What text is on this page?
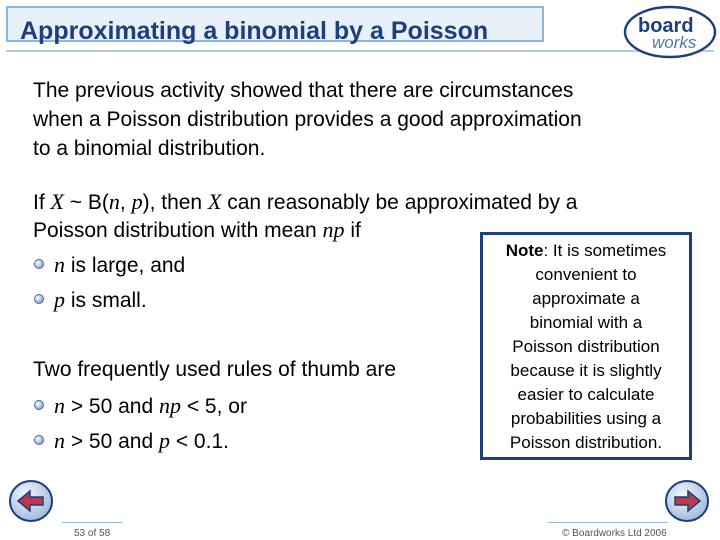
Approximating a binomial by a Poisson	board
works
The previous activity showed that there are circumstances
when a Poisson distribution provides a good approximation
to a binomial distribution.
If X ~ B(n, p), then X can reasonably be approximated by a
Poisson distribution with mean np if
n is large, and
p is small.
Two frequently used rules of thumb are
n > 50 and np < 5, or
n > 50 and p < 0.1.
Note: It is sometimes
convenient to
approximate a
binomial with a
Poisson distribution
because it is slightly
easier to calculate
probabilities using a
Poisson distribution.
53 of 58	© Boardworks Ltd 2006
